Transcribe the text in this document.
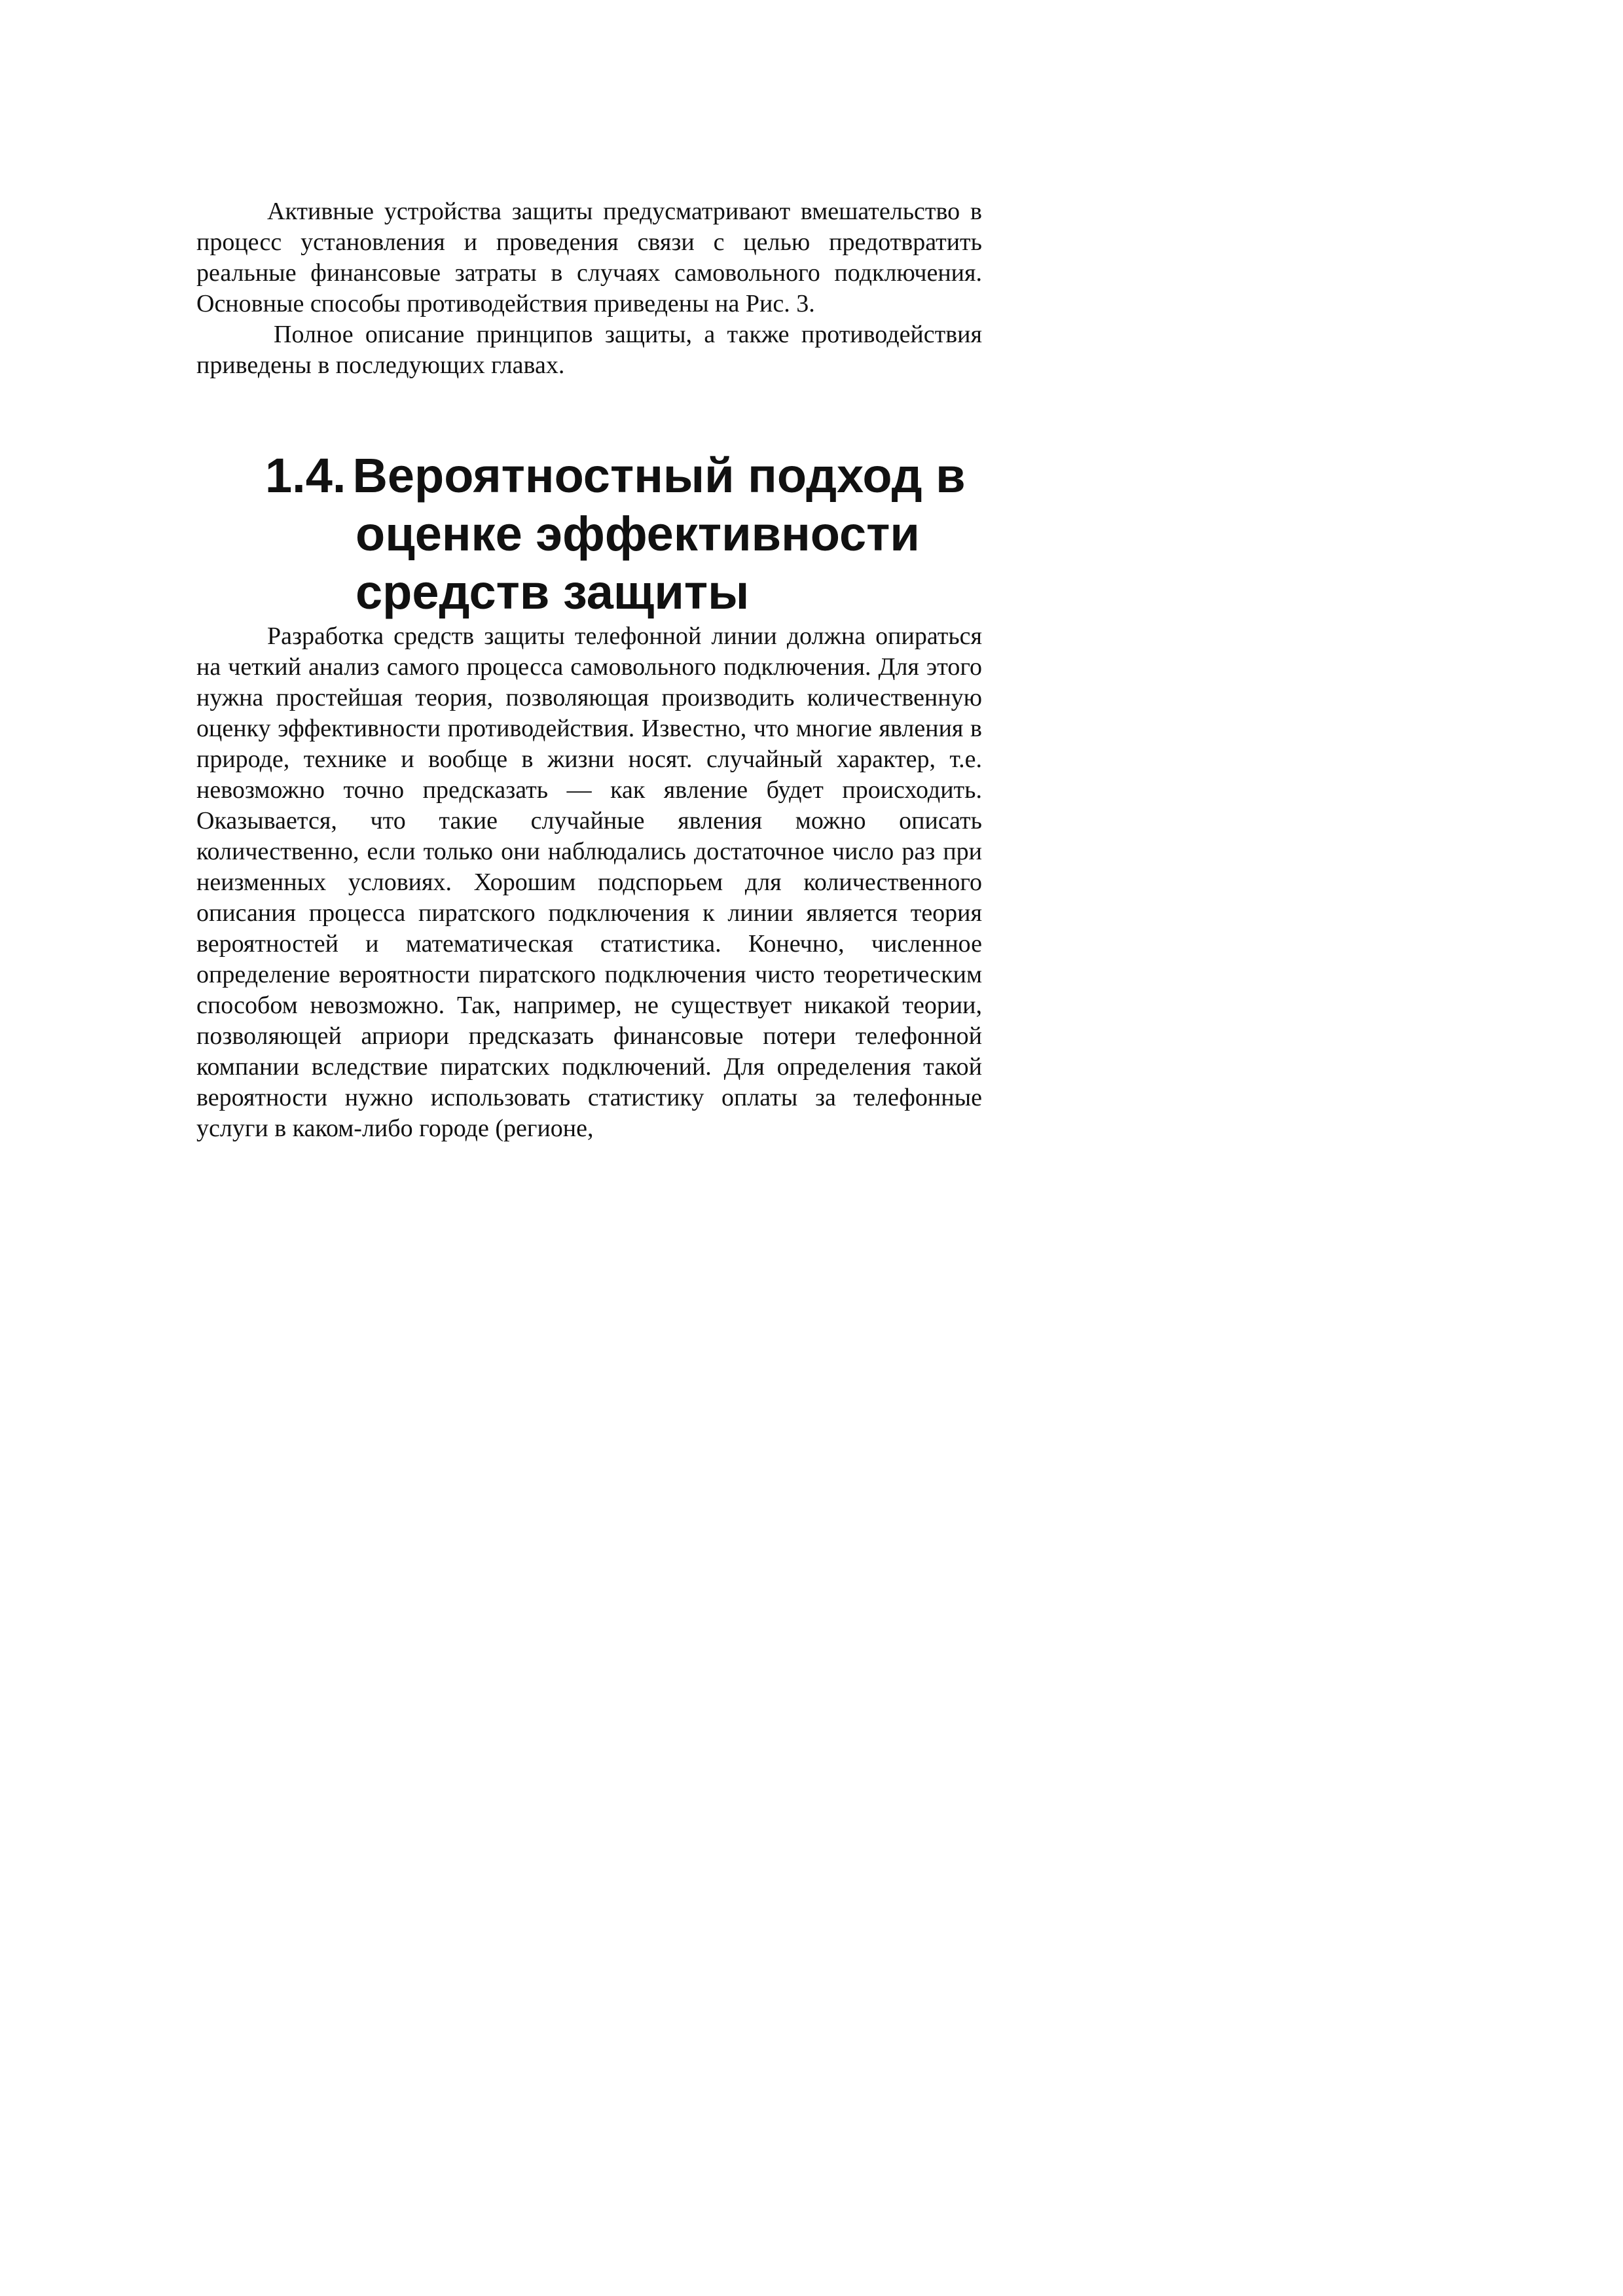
Активные устройства защиты предусматривают вмешательство в процесс установления и проведения связи с целью предотвратить реальные финансовые затраты в случаях самовольного подключения. Основные способы противодействия приведены на Рис. 3.

Полное описание принципов защиты, а также противодействия приведены в последующих главах.

1.4. Вероятностный подход в
оценке эффективности
средств защиты

Разработка средств защиты телефонной линии должна опираться на четкий анализ самого процесса самовольного подключения. Для этого нужна простейшая теория, позволяющая производить количественную оценку эффективности противодействия. Известно, что многие явления в природе, технике и вообще в жизни носят. случайный характер, т.е. невозможно точно предсказать — как явление будет происходить. Оказывается, что такие случайные явления можно описать количественно, если только они наблюдались достаточное число раз при неизменных условиях. Хорошим подспорьем для количественного описания процесса пиратского подключения к линии является теория вероятностей и математическая статистика. Конечно, численное определение вероятности пиратского подключения чисто теоретическим способом невозможно. Так, например, не существует никакой теории, позволяющей априори предсказать финансовые потери телефонной компании вследствие пиратских подключений. Для определения такой вероятности нужно использовать статистику оплаты за телефонные услуги в каком-либо городе (регионе,
